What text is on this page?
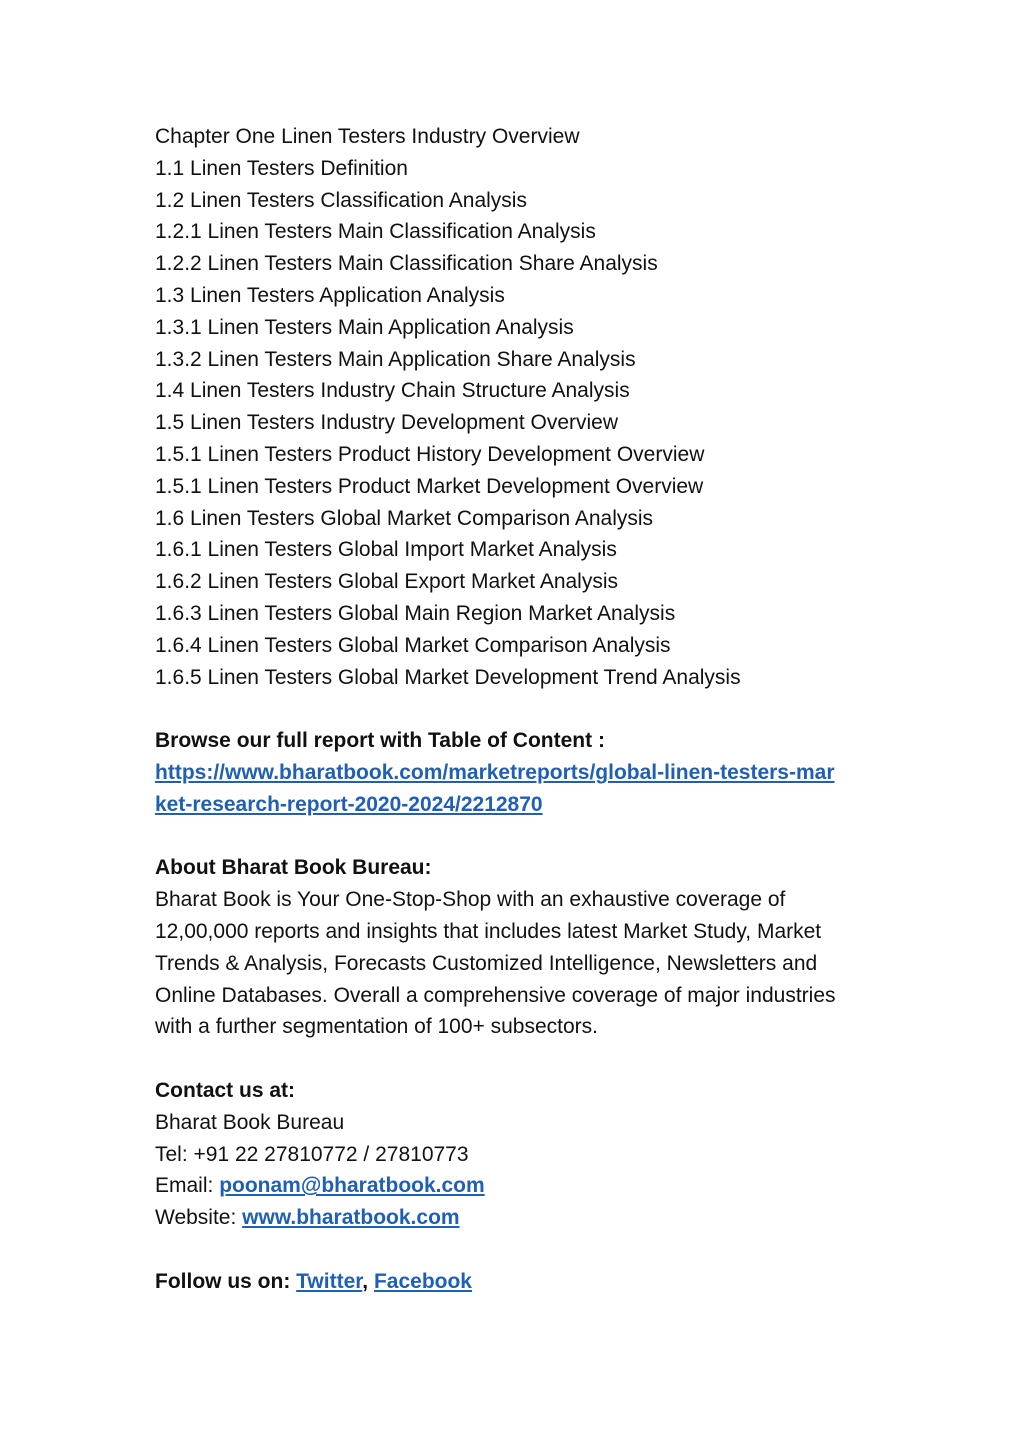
Chapter One Linen Testers Industry Overview

1.1 Linen Testers Definition

1.2 Linen Testers Classification Analysis

1.2.1 Linen Testers Main Classification Analysis

1.2.2 Linen Testers Main Classification Share Analysis

1.3 Linen Testers Application Analysis

1.3.1 Linen Testers Main Application Analysis

1.3.2 Linen Testers Main Application Share Analysis

1.4 Linen Testers Industry Chain Structure Analysis

1.5 Linen Testers Industry Development Overview

1.5.1 Linen Testers Product History Development Overview

1.5.1 Linen Testers Product Market Development Overview

1.6 Linen Testers Global Market Comparison Analysis

1.6.1 Linen Testers Global Import Market Analysis

1.6.2 Linen Testers Global Export Market Analysis

1.6.3 Linen Testers Global Main Region Market Analysis

1.6.4 Linen Testers Global Market Comparison Analysis

1.6.5 Linen Testers Global Market Development Trend Analysis

Browse our full report with Table of Content :

https://www.bharatbook.com/marketreports/global-linen-testers-mar

ket-research-report-2020-2024/2212870

About Bharat Book Bureau:

Bharat Book is Your One-Stop-Shop with an exhaustive coverage of

12,00,000 reports and insights that includes latest Market Study, Market

Trends & Analysis, Forecasts Customized Intelligence, Newsletters and

Online Databases. Overall a comprehensive coverage of major industries

with a further segmentation of 100+ subsectors.

Contact us at:

Bharat Book Bureau

Tel: +91 22 27810772 / 27810773

Email: poonam@bharatbook.com

Website: www.bharatbook.com

Follow us on: Twitter, Facebook
